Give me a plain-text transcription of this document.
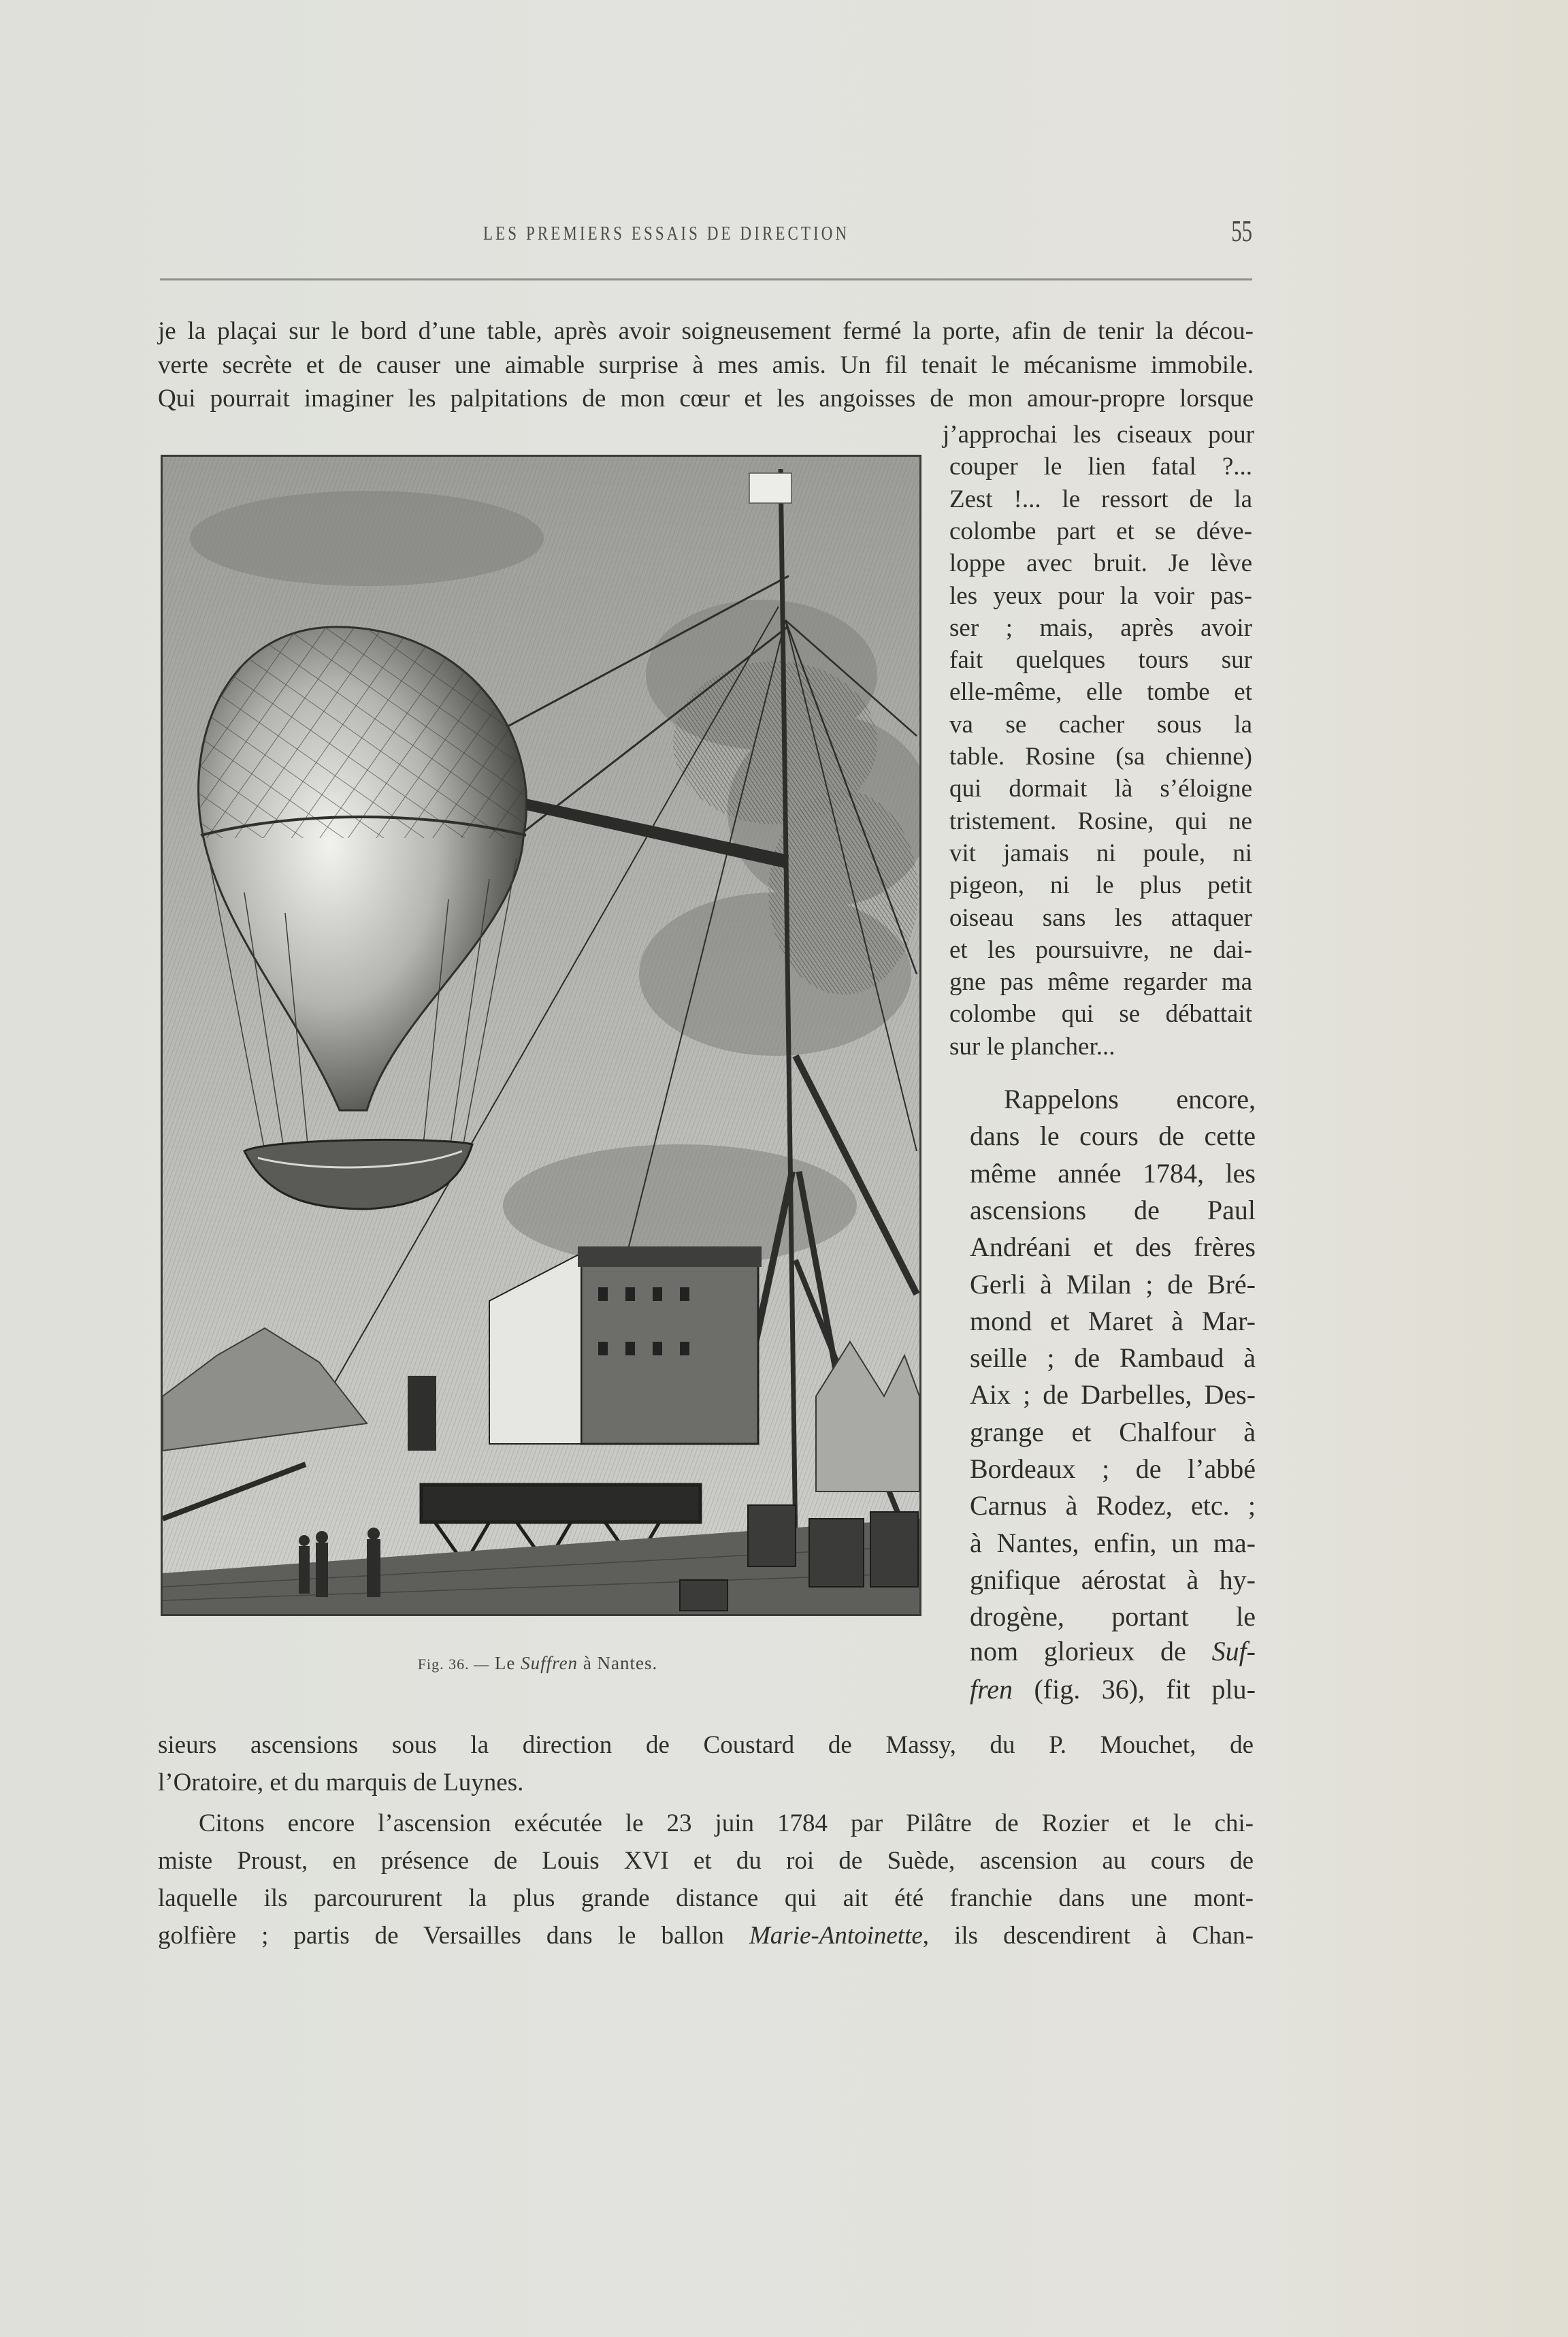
LES PREMIERS ESSAIS DE DIRECTION	55
je la plaçai sur le bord d’une table, après avoir soigneusement fermé la porte, afin de tenir la décou-
verte secrète et de causer une aimable surprise à mes amis. Un fil tenait le mécanisme immobile.
Qui pourrait imaginer les palpitations de mon cœur et les angoisses de mon amour-propre lorsque
Fig. 36. — Le Suffren à Nantes.
j’approchai les ciseaux pour
couper le lien fatal ?...
Zest !... le ressort de la
colombe part et se déve-
loppe avec bruit. Je lève
les yeux pour la voir pas-
ser ; mais, après avoir
fait quelques tours sur
elle-même, elle tombe et
va se cacher sous la
table. Rosine (sa chienne)
qui dormait là s’éloigne
tristement. Rosine, qui ne
vit jamais ni poule, ni
pigeon, ni le plus petit
oiseau sans les attaquer
et les poursuivre, ne dai-
gne pas même regarder ma
colombe qui se débattait
sur le plancher...
Rappelons encore,
dans le cours de cette
même année 1784, les
ascensions de Paul
Andréani et des frères
Gerli à Milan ; de Bré-
mond et Maret à Mar-
seille ; de Rambaud à
Aix ; de Darbelles, Des-
grange et Chalfour à
Bordeaux ; de l’abbé
Carnus à Rodez, etc. ;
à Nantes, enfin, un ma-
gnifique aérostat à hy-
drogène, portant le
nom glorieux de Suf-
fren (fig. 36), fit plu-
sieurs ascensions sous la direction de Coustard de Massy, du P. Mouchet, de
l’Oratoire, et du marquis de Luynes.
Citons encore l’ascension exécutée le 23 juin 1784 par Pilâtre de Rozier et le chi-
miste Proust, en présence de Louis XVI et du roi de Suède, ascension au cours de
laquelle ils parcoururent la plus grande distance qui ait été franchie dans une mont-
golfière ; partis de Versailles dans le ballon Marie-Antoinette, ils descendirent à Chan-
